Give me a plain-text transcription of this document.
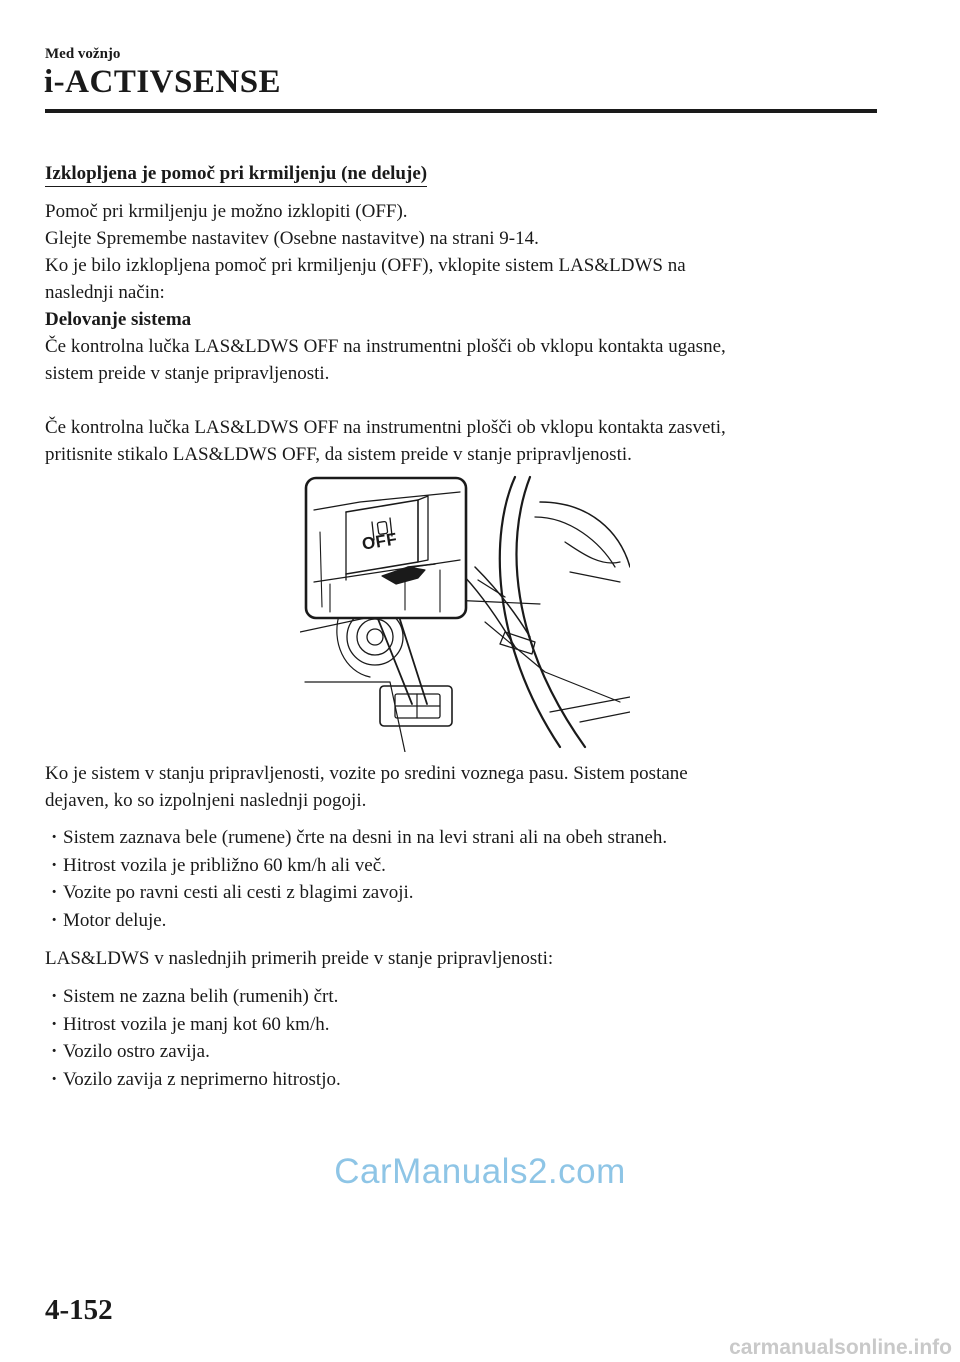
Med vožnjo
i-ACTIVSENSE
Izklopljena je pomoč pri krmiljenju (ne deluje)
Pomoč pri krmiljenju je možno izklopiti (OFF).
Glejte Spremembe nastavitev (Osebne nastavitve) na strani 9-14.
Ko je bilo izklopljena pomoč pri krmiljenju (OFF), vklopite sistem LAS&LDWS na
naslednji način:
Delovanje sistema
Če kontrolna lučka LAS&LDWS OFF na instrumentni plošči ob vklopu kontakta ugasne,
sistem preide v stanje pripravljenosti.
Če kontrolna lučka LAS&LDWS OFF na instrumentni plošči ob vklopu kontakta zasveti,
pritisnite stikalo LAS&LDWS OFF, da sistem preide v stanje pripravljenosti.
OFF
Ko je sistem v stanju pripravljenosti, vozite po sredini voznega pasu. Sistem postane
dejaven, ko so izpolnjeni naslednji pogoji.
· Sistem zaznava bele (rumene) črte na desni in na levi strani ali na obeh straneh.
· Hitrost vozila je približno 60 km/h ali več.
· Vozite po ravni cesti ali cesti z blagimi zavoji.
· Motor deluje.
LAS&LDWS v naslednjih primerih preide v stanje pripravljenosti:
· Sistem ne zazna belih (rumenih) črt.
· Hitrost vozila je manj kot 60 km/h.
· Vozilo ostro zavija.
· Vozilo zavija z neprimerno hitrostjo.
CarManuals2.com
4-152
carmanualsonline.info
